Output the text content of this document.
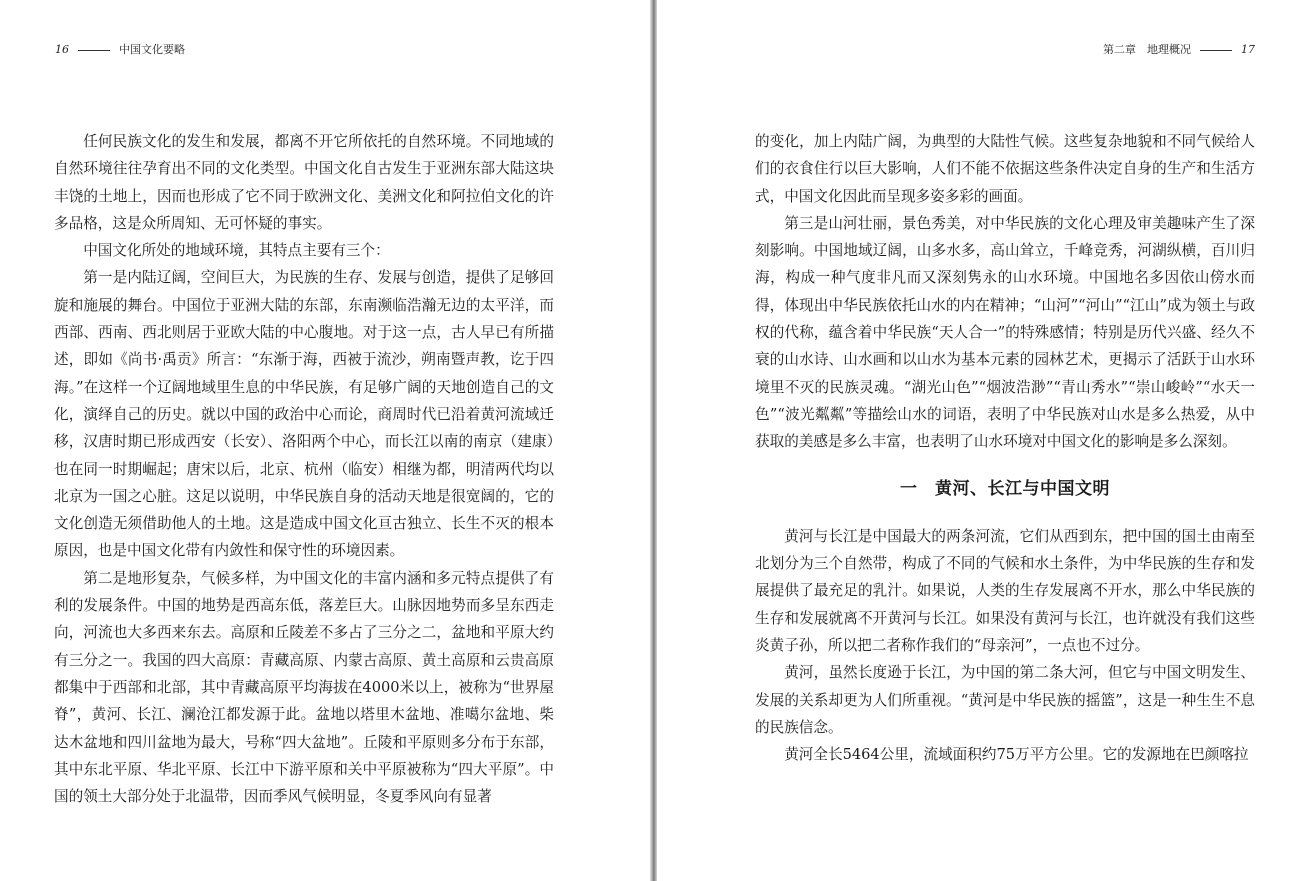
16	中国文化要略

任何民族文化的发生和发展，都离不开它所依托的自然环境。不同地域的自然环境往往孕育出不同的文化类型。中国文化自古发生于亚洲东部大陆这块丰饶的土地上，因而也形成了它不同于欧洲文化、美洲文化和阿拉伯文化的许多品格，这是众所周知、无可怀疑的事实。

中国文化所处的地域环境，其特点主要有三个：

第一是内陆辽阔，空间巨大，为民族的生存、发展与创造，提供了足够回旋和施展的舞台。中国位于亚洲大陆的东部，东南濒临浩瀚无边的太平洋，而西部、西南、西北则居于亚欧大陆的中心腹地。对于这一点，古人早已有所描述，即如《尚书·禹贡》所言：“东渐于海，西被于流沙，朔南暨声教，讫于四海。”在这样一个辽阔地域里生息的中华民族，有足够广阔的天地创造自己的文化，演绎自己的历史。就以中国的政治中心而论，商周时代已沿着黄河流域迁移，汉唐时期已形成西安（长安）、洛阳两个中心，而长江以南的南京（建康）也在同一时期崛起；唐宋以后，北京、杭州（临安）相继为都，明清两代均以北京为一国之心脏。这足以说明，中华民族自身的活动天地是很宽阔的，它的文化创造无须借助他人的土地。这是造成中国文化亘古独立、长生不灭的根本原因，也是中国文化带有内敛性和保守性的环境因素。

第二是地形复杂，气候多样，为中国文化的丰富内涵和多元特点提供了有利的发展条件。中国的地势是西高东低，落差巨大。山脉因地势而多呈东西走向，河流也大多西来东去。高原和丘陵差不多占了三分之二，盆地和平原大约有三分之一。我国的四大高原：青藏高原、内蒙古高原、黄土高原和云贵高原都集中于西部和北部，其中青藏高原平均海拔在4000米以上，被称为“世界屋脊”，黄河、长江、澜沧江都发源于此。盆地以塔里木盆地、准噶尔盆地、柴达木盆地和四川盆地为最大，号称“四大盆地”。丘陵和平原则多分布于东部，其中东北平原、华北平原、长江中下游平原和关中平原被称为“四大平原”。中国的领土大部分处于北温带，因而季风气候明显，冬夏季风向有显著

第二章　地理概况	17

的变化，加上内陆广阔，为典型的大陆性气候。这些复杂地貌和不同气候给人们的衣食住行以巨大影响，人们不能不依据这些条件决定自身的生产和生活方式，中国文化因此而呈现多姿多彩的画面。

第三是山河壮丽，景色秀美，对中华民族的文化心理及审美趣味产生了深刻影响。中国地域辽阔，山多水多，高山耸立，千峰竞秀，河湖纵横，百川归海，构成一种气度非凡而又深刻隽永的山水环境。中国地名多因依山傍水而得，体现出中华民族依托山水的内在精神；“山河”“河山”“江山”成为领土与政权的代称，蕴含着中华民族“天人合一”的特殊感情；特别是历代兴盛、经久不衰的山水诗、山水画和以山水为基本元素的园林艺术，更揭示了活跃于山水环境里不灭的民族灵魂。“湖光山色”“烟波浩渺”“青山秀水”“崇山峻岭”“水天一色”“波光粼粼”等描绘山水的词语，表明了中华民族对山水是多么热爱，从中获取的美感是多么丰富，也表明了山水环境对中国文化的影响是多么深刻。

一　黄河、长江与中国文明

黄河与长江是中国最大的两条河流，它们从西到东，把中国的国土由南至北划分为三个自然带，构成了不同的气候和水土条件，为中华民族的生存和发展提供了最充足的乳汁。如果说，人类的生存发展离不开水，那么中华民族的生存和发展就离不开黄河与长江。如果没有黄河与长江，也许就没有我们这些炎黄子孙，所以把二者称作我们的“母亲河”，一点也不过分。

黄河，虽然长度逊于长江，为中国的第二条大河，但它与中国文明发生、发展的关系却更为人们所重视。“黄河是中华民族的摇篮”，这是一种生生不息的民族信念。

黄河全长5464公里，流域面积约75万平方公里。它的发源地在巴颜喀拉
